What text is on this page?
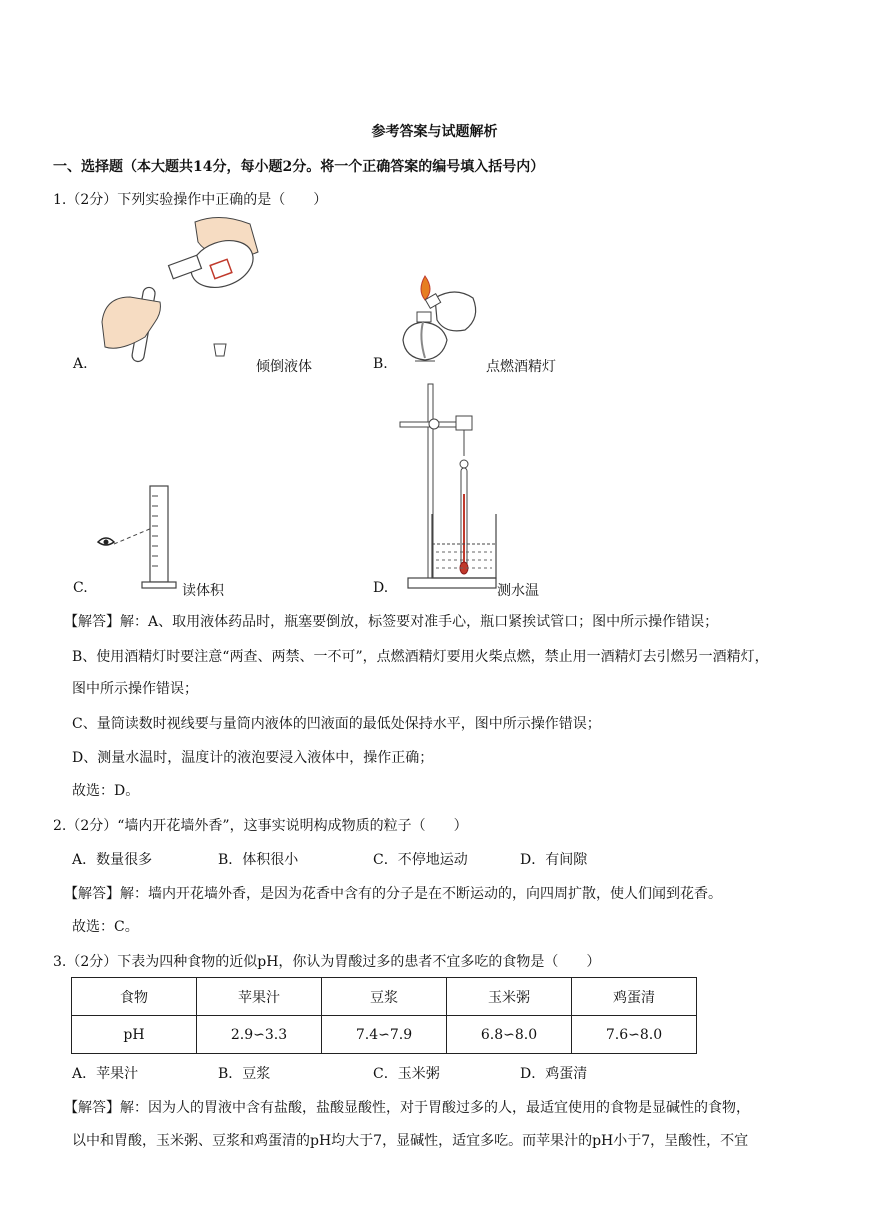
参考答案与试题解析
一、选择题（本大题共14分，每小题2分。将一个正确答案的编号填入括号内）
1.（2分）下列实验操作中正确的是（　　）
A.	倾倒液体	B.	点燃酒精灯
C.	读体积	D.	测水温
【解答】解：A、取用液体药品时，瓶塞要倒放，标签要对准手心，瓶口紧挨试管口；图中所示操作错误；
B、使用酒精灯时要注意“两查、两禁、一不可”，点燃酒精灯要用火柴点燃，禁止用一酒精灯去引燃另一酒精灯，
图中所示操作错误；
C、量筒读数时视线要与量筒内液体的凹液面的最低处保持水平，图中所示操作错误；
D、测量水温时，温度计的液泡要浸入液体中，操作正确；
故选：D。
2.（2分）“墙内开花墙外香”，这事实说明构成物质的粒子（　　）
A．数量很多	B．体积很小	C．不停地运动	D．有间隙
【解答】解：墙内开花墙外香，是因为花香中含有的分子是在不断运动的，向四周扩散，使人们闻到花香。
故选：C。
3.（2分）下表为四种食物的近似pH，你认为胃酸过多的患者不宜多吃的食物是（　　）
食物	苹果汁	豆浆	玉米粥	鸡蛋清
pH	2.9∽3.3	7.4∽7.9	6.8∽8.0	7.6∽8.0
A．苹果汁	B．豆浆	C．玉米粥	D．鸡蛋清
【解答】解：因为人的胃液中含有盐酸，盐酸显酸性，对于胃酸过多的人，最适宜使用的食物是显碱性的食物，
以中和胃酸，玉米粥、豆浆和鸡蛋清的pH均大于7，显碱性，适宜多吃。而苹果汁的pH小于7，呈酸性，不宜
